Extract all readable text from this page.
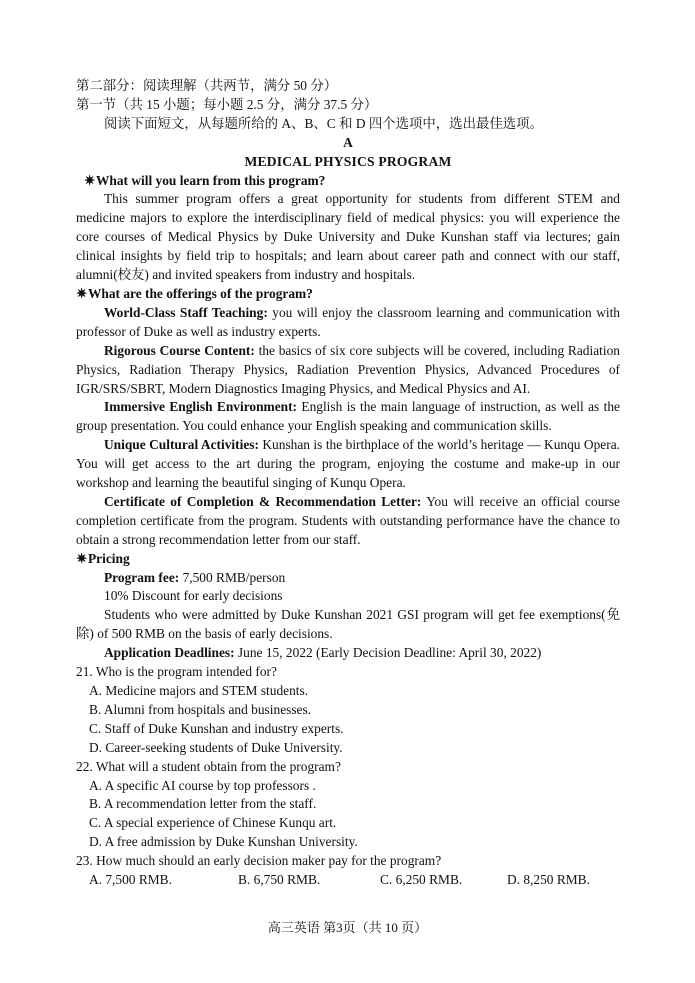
第二部分：阅读理解（共两节，满分 50 分）

第一节（共 15 小题；每小题 2.5 分，满分 37.5 分）

阅读下面短文，从每题所给的 A、B、C 和 D 四个选项中，选出最佳选项。

A

MEDICAL PHYSICS PROGRAM

✷What will you learn from this program?

This summer program offers a great opportunity for students from different STEM and medicine majors to explore the interdisciplinary field of medical physics: you will experience the core courses of Medical Physics by Duke University and Duke Kunshan staff via lectures; gain clinical insights by field trip to hospitals; and learn about career path and connect with our staff, alumni(校友) and invited speakers from industry and hospitals.

✷What are the offerings of the program?

World-Class Staff Teaching: you will enjoy the classroom learning and communication with professor of Duke as well as industry experts.

Rigorous Course Content: the basics of six core subjects will be covered, including Radiation Physics, Radiation Therapy Physics, Radiation Prevention Physics, Advanced Procedures of IGR/SRS/SBRT, Modern Diagnostics Imaging Physics, and Medical Physics and AI.

Immersive English Environment: English is the main language of instruction, as well as the group presentation. You could enhance your English speaking and communication skills.

Unique Cultural Activities: Kunshan is the birthplace of the world’s heritage — Kunqu Opera. You will get access to the art during the program, enjoying the costume and make-up in our workshop and learning the beautiful singing of Kunqu Opera.

Certificate of Completion & Recommendation Letter: You will receive an official course completion certificate from the program. Students with outstanding performance have the chance to obtain a strong recommendation letter from our staff.

✷Pricing

Program fee: 7,500 RMB/person

10% Discount for early decisions

Students who were admitted by Duke Kunshan 2021 GSI program will get fee exemptions(免除) of 500 RMB on the basis of early decisions.

Application Deadlines: June 15, 2022 (Early Decision Deadline: April 30, 2022)

21. Who is the program intended for?

A. Medicine majors and STEM students.

B. Alumni from hospitals and businesses.

C. Staff of Duke Kunshan and industry experts.

D. Career-seeking students of Duke University.

22. What will a student obtain from the program?

A. A specific AI course by top professors .

B. A recommendation letter from the staff.

C. A special experience of Chinese Kunqu art.

D. A free admission by Duke Kunshan University.

23. How much should an early decision maker pay for the program?

A. 7,500 RMB.	B. 6,750 RMB.	C. 6,250 RMB.	D. 8,250 RMB.
高三英语 第3页（共 10 页）
